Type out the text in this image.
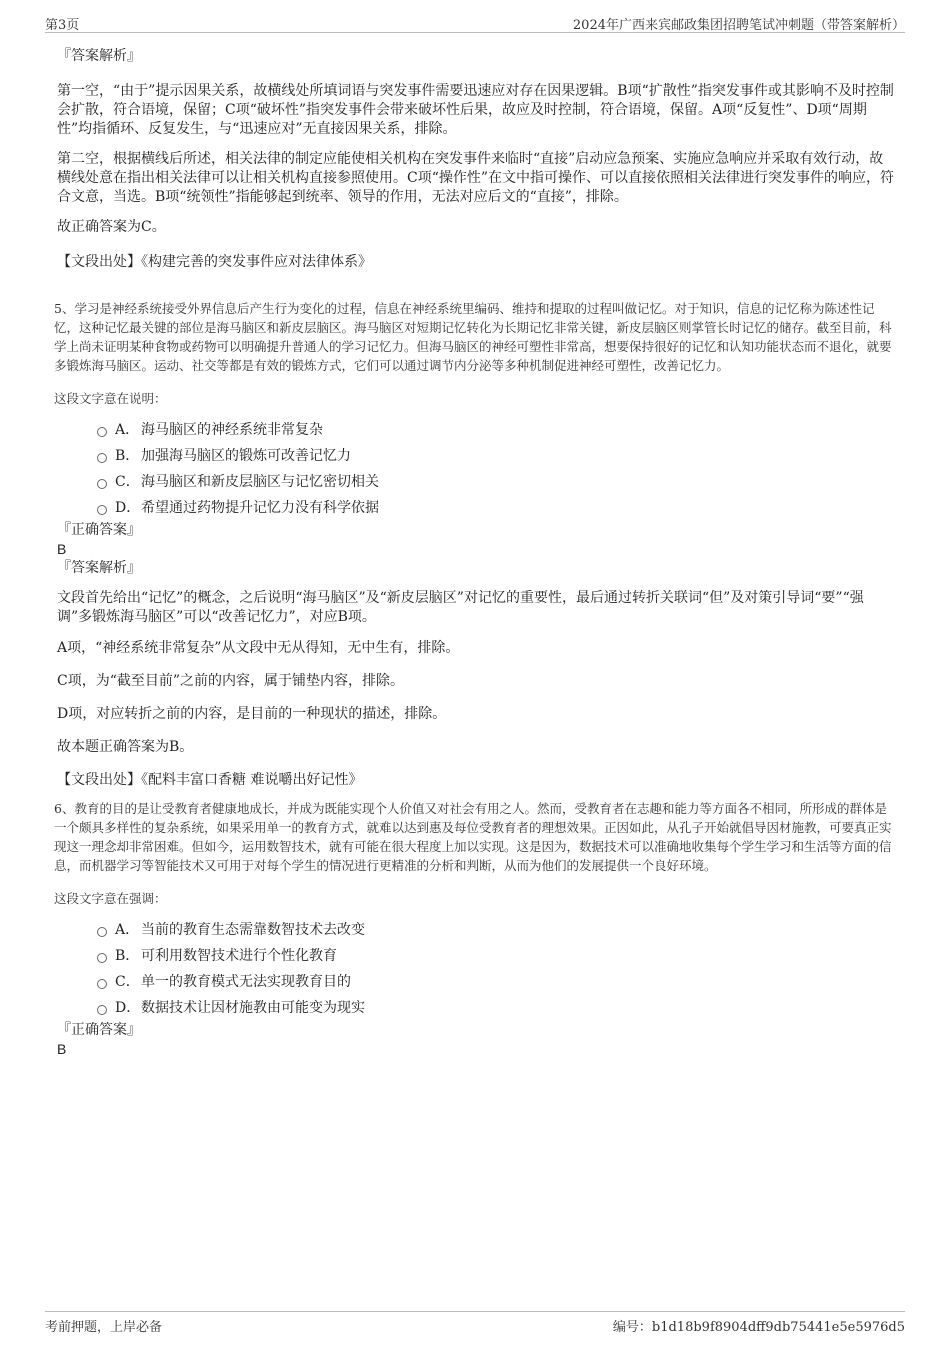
第3页	2024年广西来宾邮政集团招聘笔试冲刺题（带答案解析）

『答案解析』

第一空，“由于”提示因果关系，故横线处所填词语与突发事件需要迅速应对存在因果逻辑。B项“扩散性”指突发事件或其影响不及时控制会扩散，符合语境，保留；C项“破坏性”指突发事件会带来破坏性后果，故应及时控制，符合语境，保留。A项“反复性”、D项“周期性”均指循环、反复发生，与“迅速应对”无直接因果关系，排除。

第二空，根据横线后所述，相关法律的制定应能使相关机构在突发事件来临时“直接”启动应急预案、实施应急响应并采取有效行动，故横线处意在指出相关法律可以让相关机构直接参照使用。C项“操作性”在文中指可操作、可以直接依照相关法律进行突发事件的响应，符合文意，当选。B项“统领性”指能够起到统率、领导的作用，无法对应后文的“直接”，排除。

故正确答案为C。

【文段出处】《构建完善的突发事件应对法律体系》

5、学习是神经系统接受外界信息后产生行为变化的过程，信息在神经系统里编码、维持和提取的过程叫做记忆。对于知识，信息的记忆称为陈述性记忆，这种记忆最关键的部位是海马脑区和新皮层脑区。海马脑区对短期记忆转化为长期记忆非常关键，新皮层脑区则掌管长时记忆的储存。截至目前，科学上尚未证明某种食物或药物可以明确提升普通人的学习记忆力。但海马脑区的神经可塑性非常高，想要保持很好的记忆和认知功能状态而不退化，就要多锻炼海马脑区。运动、社交等都是有效的锻炼方式，它们可以通过调节内分泌等多种机制促进神经可塑性，改善记忆力。

这段文字意在说明：

A． 海马脑区的神经系统非常复杂
B． 加强海马脑区的锻炼可改善记忆力
C．海马脑区和新皮层脑区与记忆密切相关
D．希望通过药物提升记忆力没有科学依据

『正确答案』

B

『答案解析』

文段首先给出“记忆”的概念，之后说明“海马脑区”及“新皮层脑区”对记忆的重要性，最后通过转折关联词“但”及对策引导词“要”“强调”多锻炼海马脑区”可以“改善记忆力”，对应B项。

A项，“神经系统非常复杂”从文段中无从得知，无中生有，排除。

C项，为“截至目前”之前的内容，属于铺垫内容，排除。

D项，对应转折之前的内容，是目前的一种现状的描述，排除。

故本题正确答案为B。

【文段出处】《配料丰富口香糖 难说嚼出好记性》

6、教育的目的是让受教育者健康地成长，并成为既能实现个人价值又对社会有用之人。然而，受教育者在志趣和能力等方面各不相同，所形成的群体是一个颇具多样性的复杂系统，如果采用单一的教育方式，就难以达到惠及每位受教育者的理想效果。正因如此，从孔子开始就倡导因材施教，可要真正实现这一理念却非常困难。但如今，运用数智技术，就有可能在很大程度上加以实现。这是因为，数据技术可以准确地收集每个学生学习和生活等方面的信息，而机器学习等智能技术又可用于对每个学生的情况进行更精准的分析和判断，从而为他们的发展提供一个良好环境。

这段文字意在强调：

A． 当前的教育生态需靠数智技术去改变
B． 可利用数智技术进行个性化教育
C．单一的教育模式无法实现教育目的
D．数据技术让因材施教由可能变为现实

『正确答案』

B

考前押题，上岸必备	编号：b1d18b9f8904dff9db75441e5e5976d5
